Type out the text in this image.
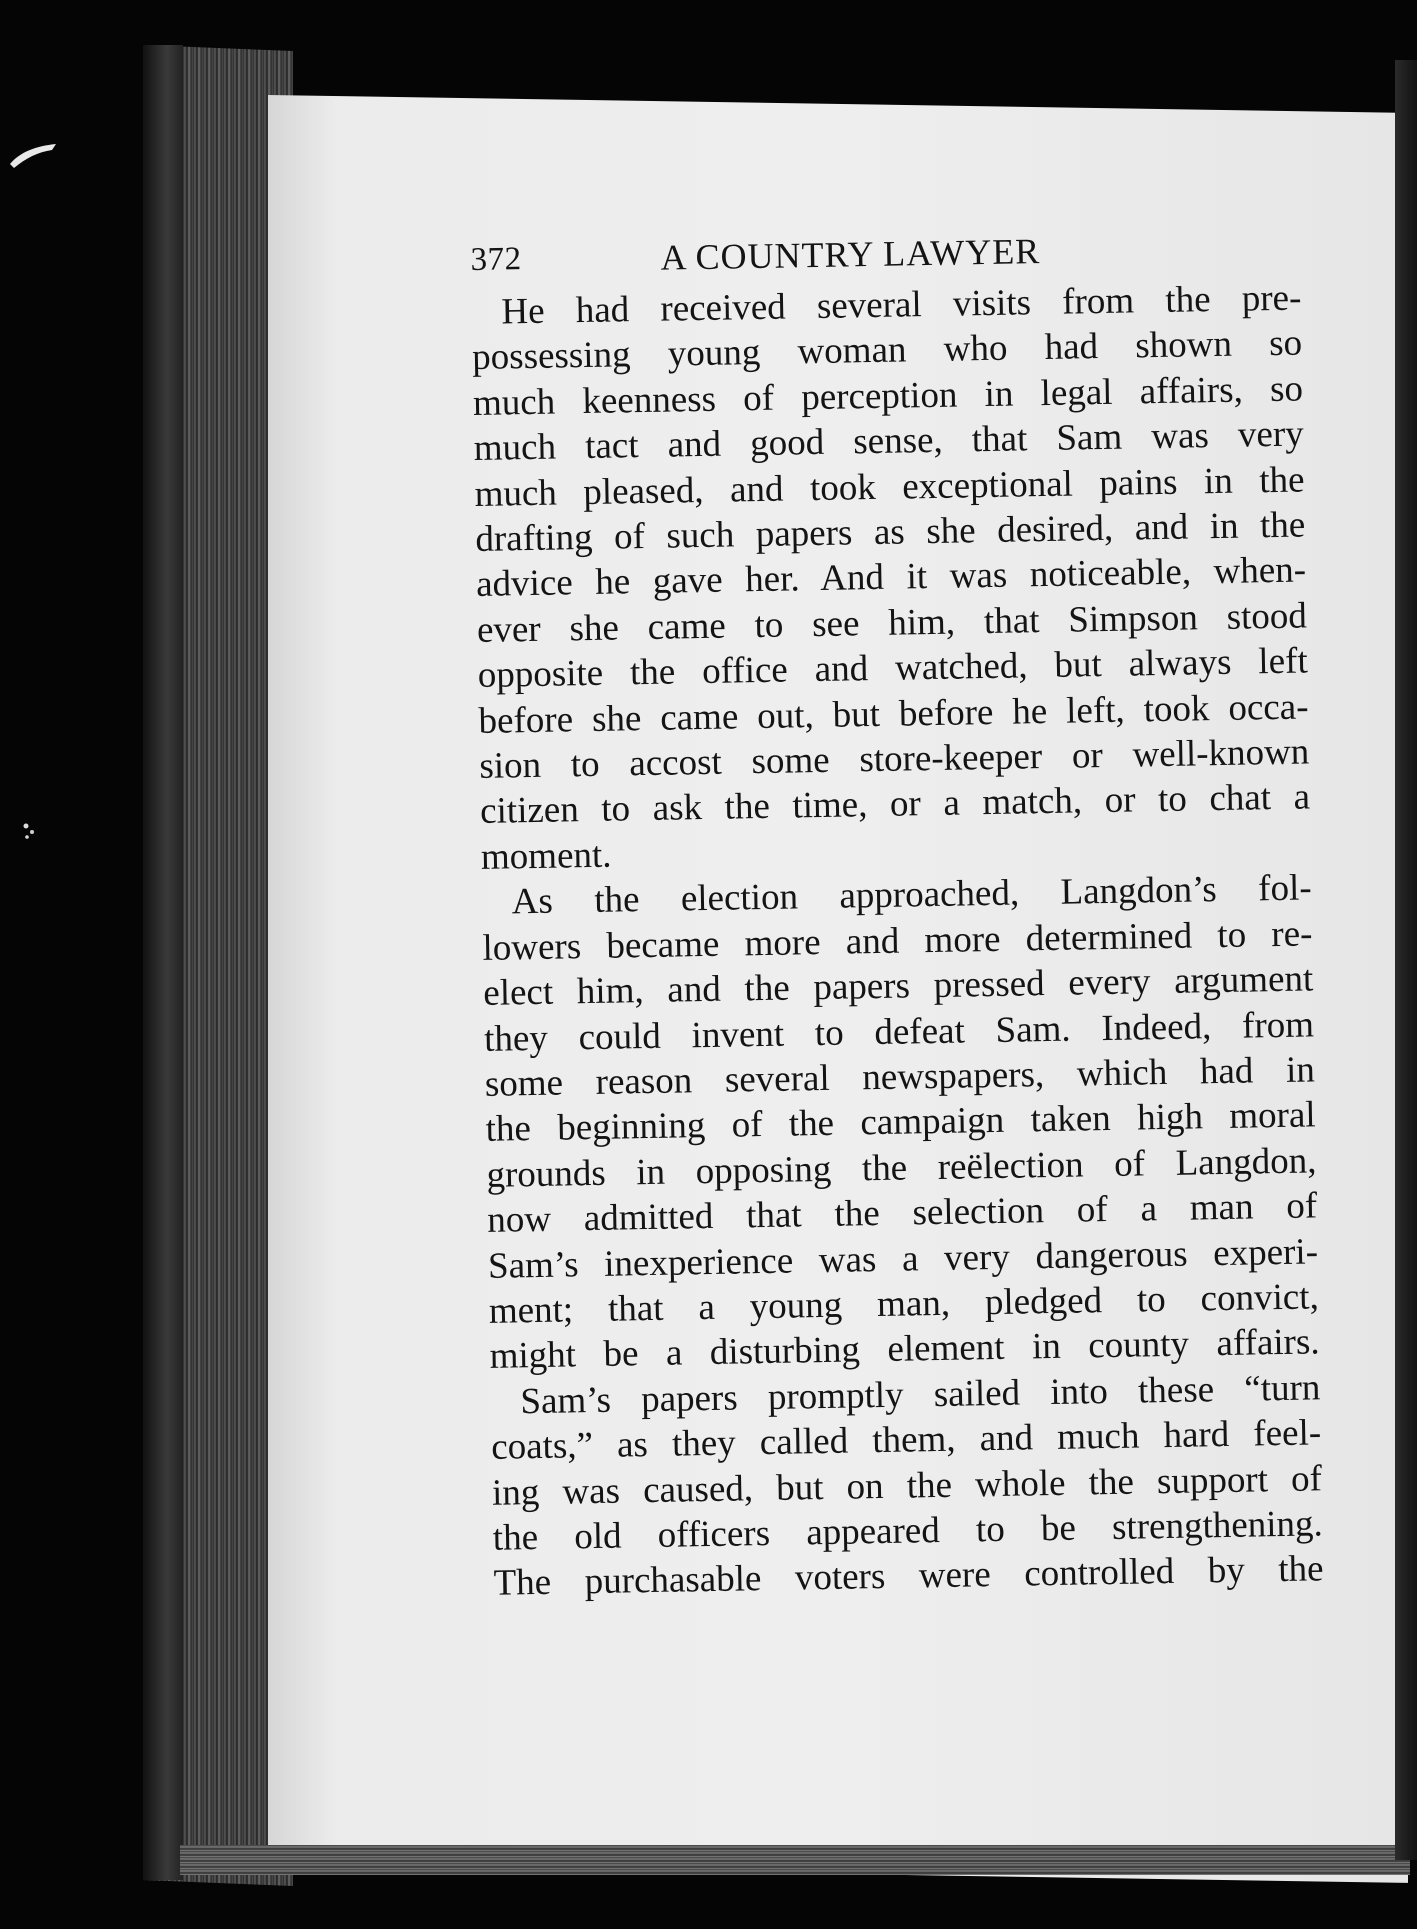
372	A COUNTRY LAWYER
He had received several visits from the pre-
possessing young woman who had shown so
much keenness of perception in legal affairs, so
much tact and good sense, that Sam was very
much pleased, and took exceptional pains in the
drafting of such papers as she desired, and in the
advice he gave her. And it was noticeable, when-
ever she came to see him, that Simpson stood
opposite the office and watched, but always left
before she came out, but before he left, took occa-
sion to accost some store-keeper or well-known
citizen to ask the time, or a match, or to chat a
moment.
As the election approached, Langdon’s fol-
lowers became more and more determined to re-
elect him, and the papers pressed every argument
they could invent to defeat Sam. Indeed, from
some reason several newspapers, which had in
the beginning of the campaign taken high moral
grounds in opposing the reëlection of Langdon,
now admitted that the selection of a man of
Sam’s inexperience was a very dangerous experi-
ment; that a young man, pledged to convict,
might be a disturbing element in county affairs.
Sam’s papers promptly sailed into these “turn
coats,” as they called them, and much hard feel-
ing was caused, but on the whole the support of
the old officers appeared to be strengthening.
The purchasable voters were controlled by the
